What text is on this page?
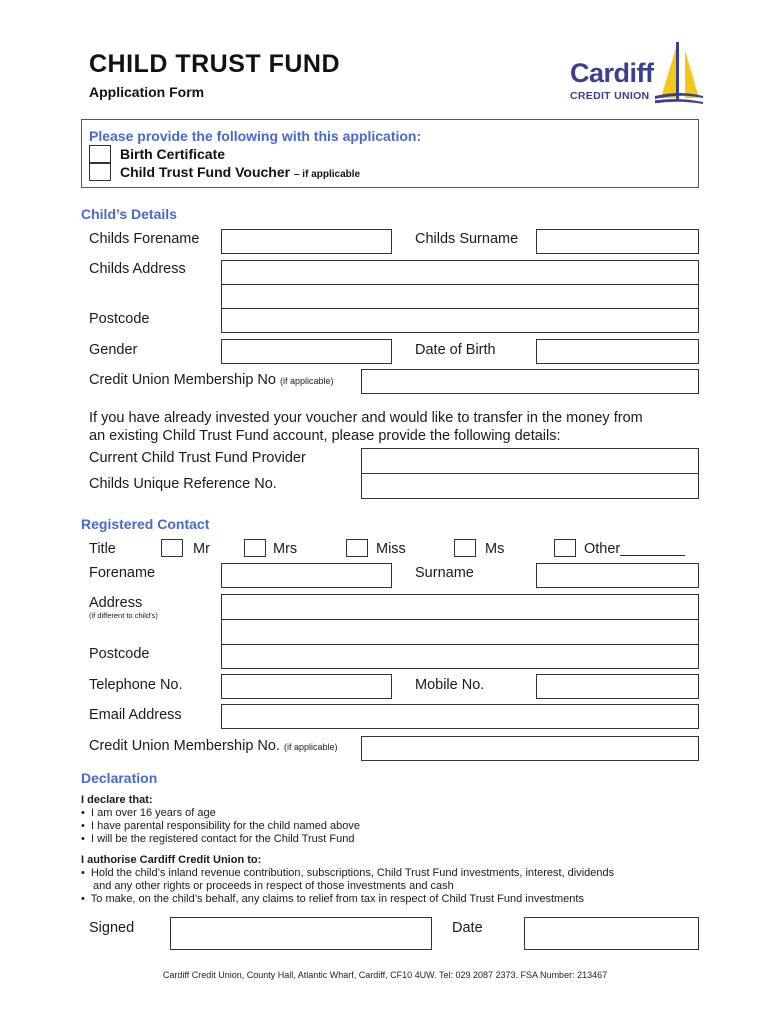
CHILD TRUST FUND
Application Form
Cardiff
CREDIT UNION
Please provide the following with this application:
Birth Certificate
Child Trust Fund Voucher – if applicable
Child’s Details
Childs Forename	Childs Surname
Childs Address
Postcode
Gender	Date of Birth
Credit Union Membership No (if applicable)
If you have already invested your voucher and would like to transfer in the money from
an existing Child Trust Fund account, please provide the following details:
Current Child Trust Fund Provider
Childs Unique Reference No.
Registered Contact
Title	Mr	Mrs	Miss	Ms	Other________
Forename	Surname
Address
(if different to child’s)
Postcode
Telephone No.	Mobile No.
Email Address
Credit Union Membership No. (if applicable)
Declaration
I declare that:
•  I am over 16 years of age
•  I have parental responsibility for the child named above
•  I will be the registered contact for the Child Trust Fund
I authorise Cardiff Credit Union to:
•  Hold the child’s inland revenue contribution, subscriptions, Child Trust Fund investments, interest, dividends
and any other rights or proceeds in respect of those investments and cash
•  To make, on the child’s behalf, any claims to relief from tax in respect of Child Trust Fund investments
Signed	Date
Cardiff Credit Union, County Hall, Atlantic Wharf, Cardiff, CF10 4UW. Tel: 029 2087 2373. FSA Number: 213467
